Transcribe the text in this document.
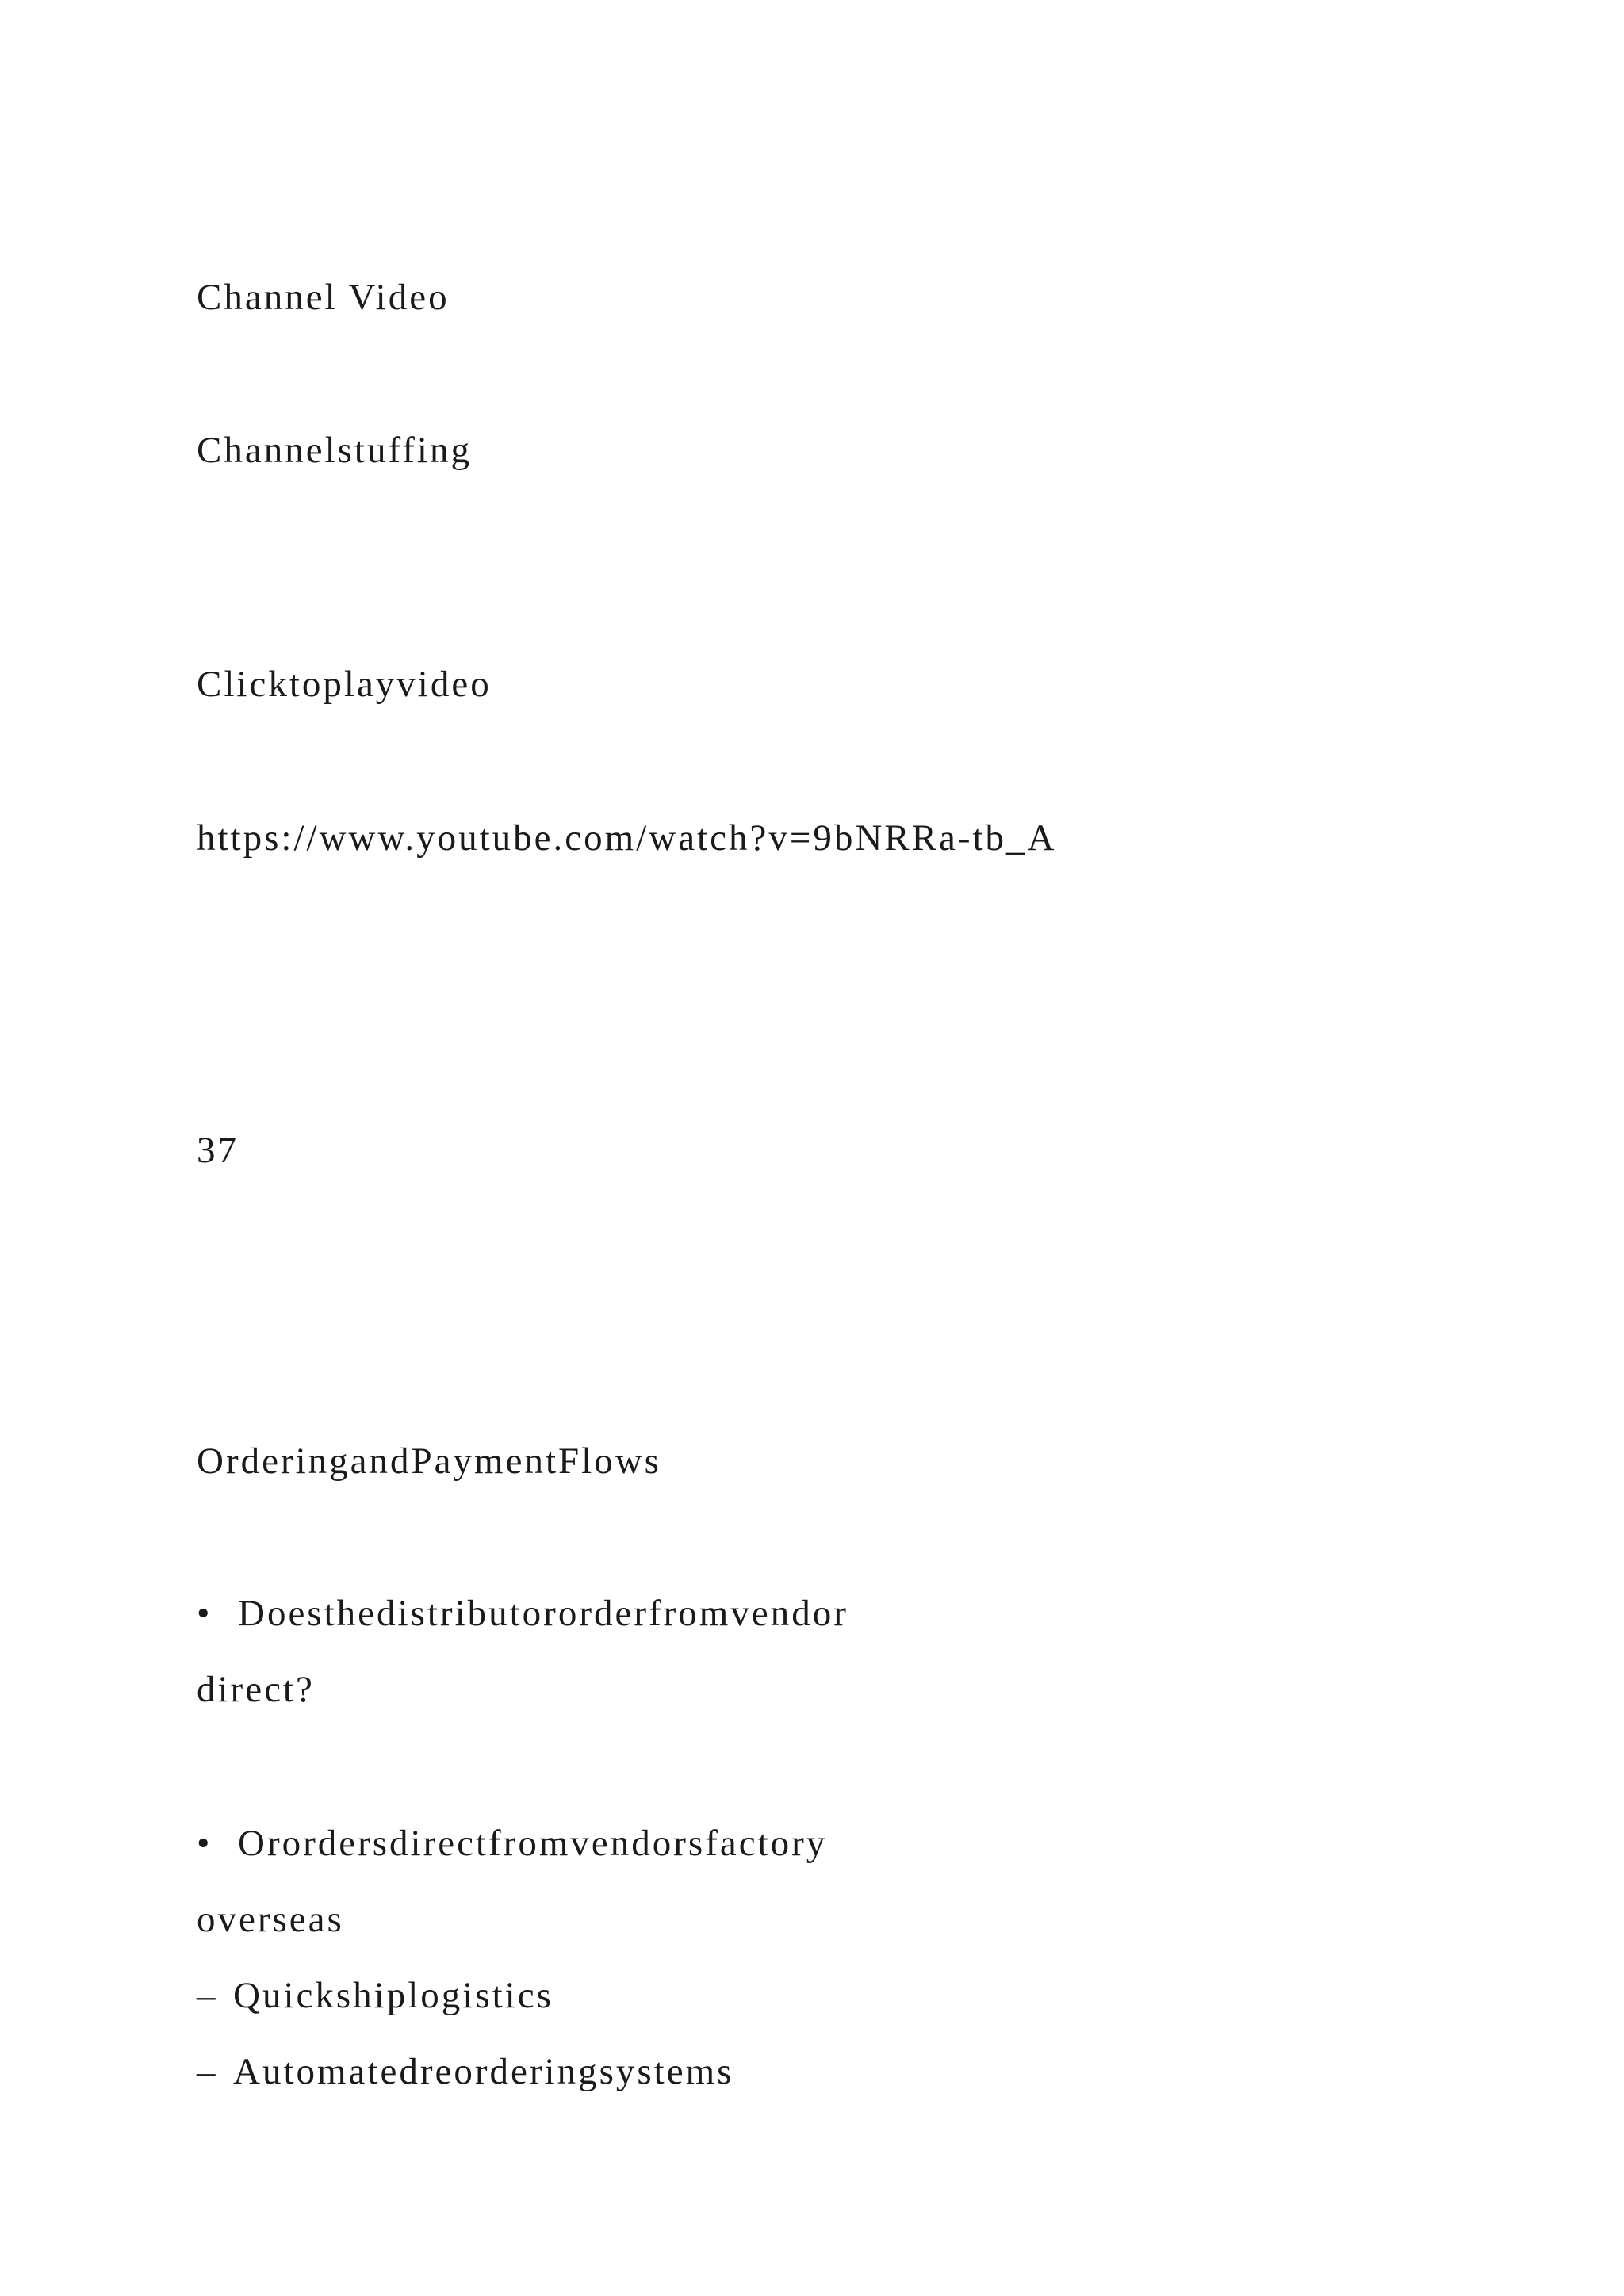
Channel Video
Channelstuffing
Clicktoplayvideo
https://www.youtube.com/watch?v=9bNRRa-tb_A
37
OrderingandPaymentFlows
• Doesthedistributororderfromvendor
direct?
• Orordersdirectfromvendorsfactory
overseas
– Quickshiplogistics
– Automatedreorderingsystems
